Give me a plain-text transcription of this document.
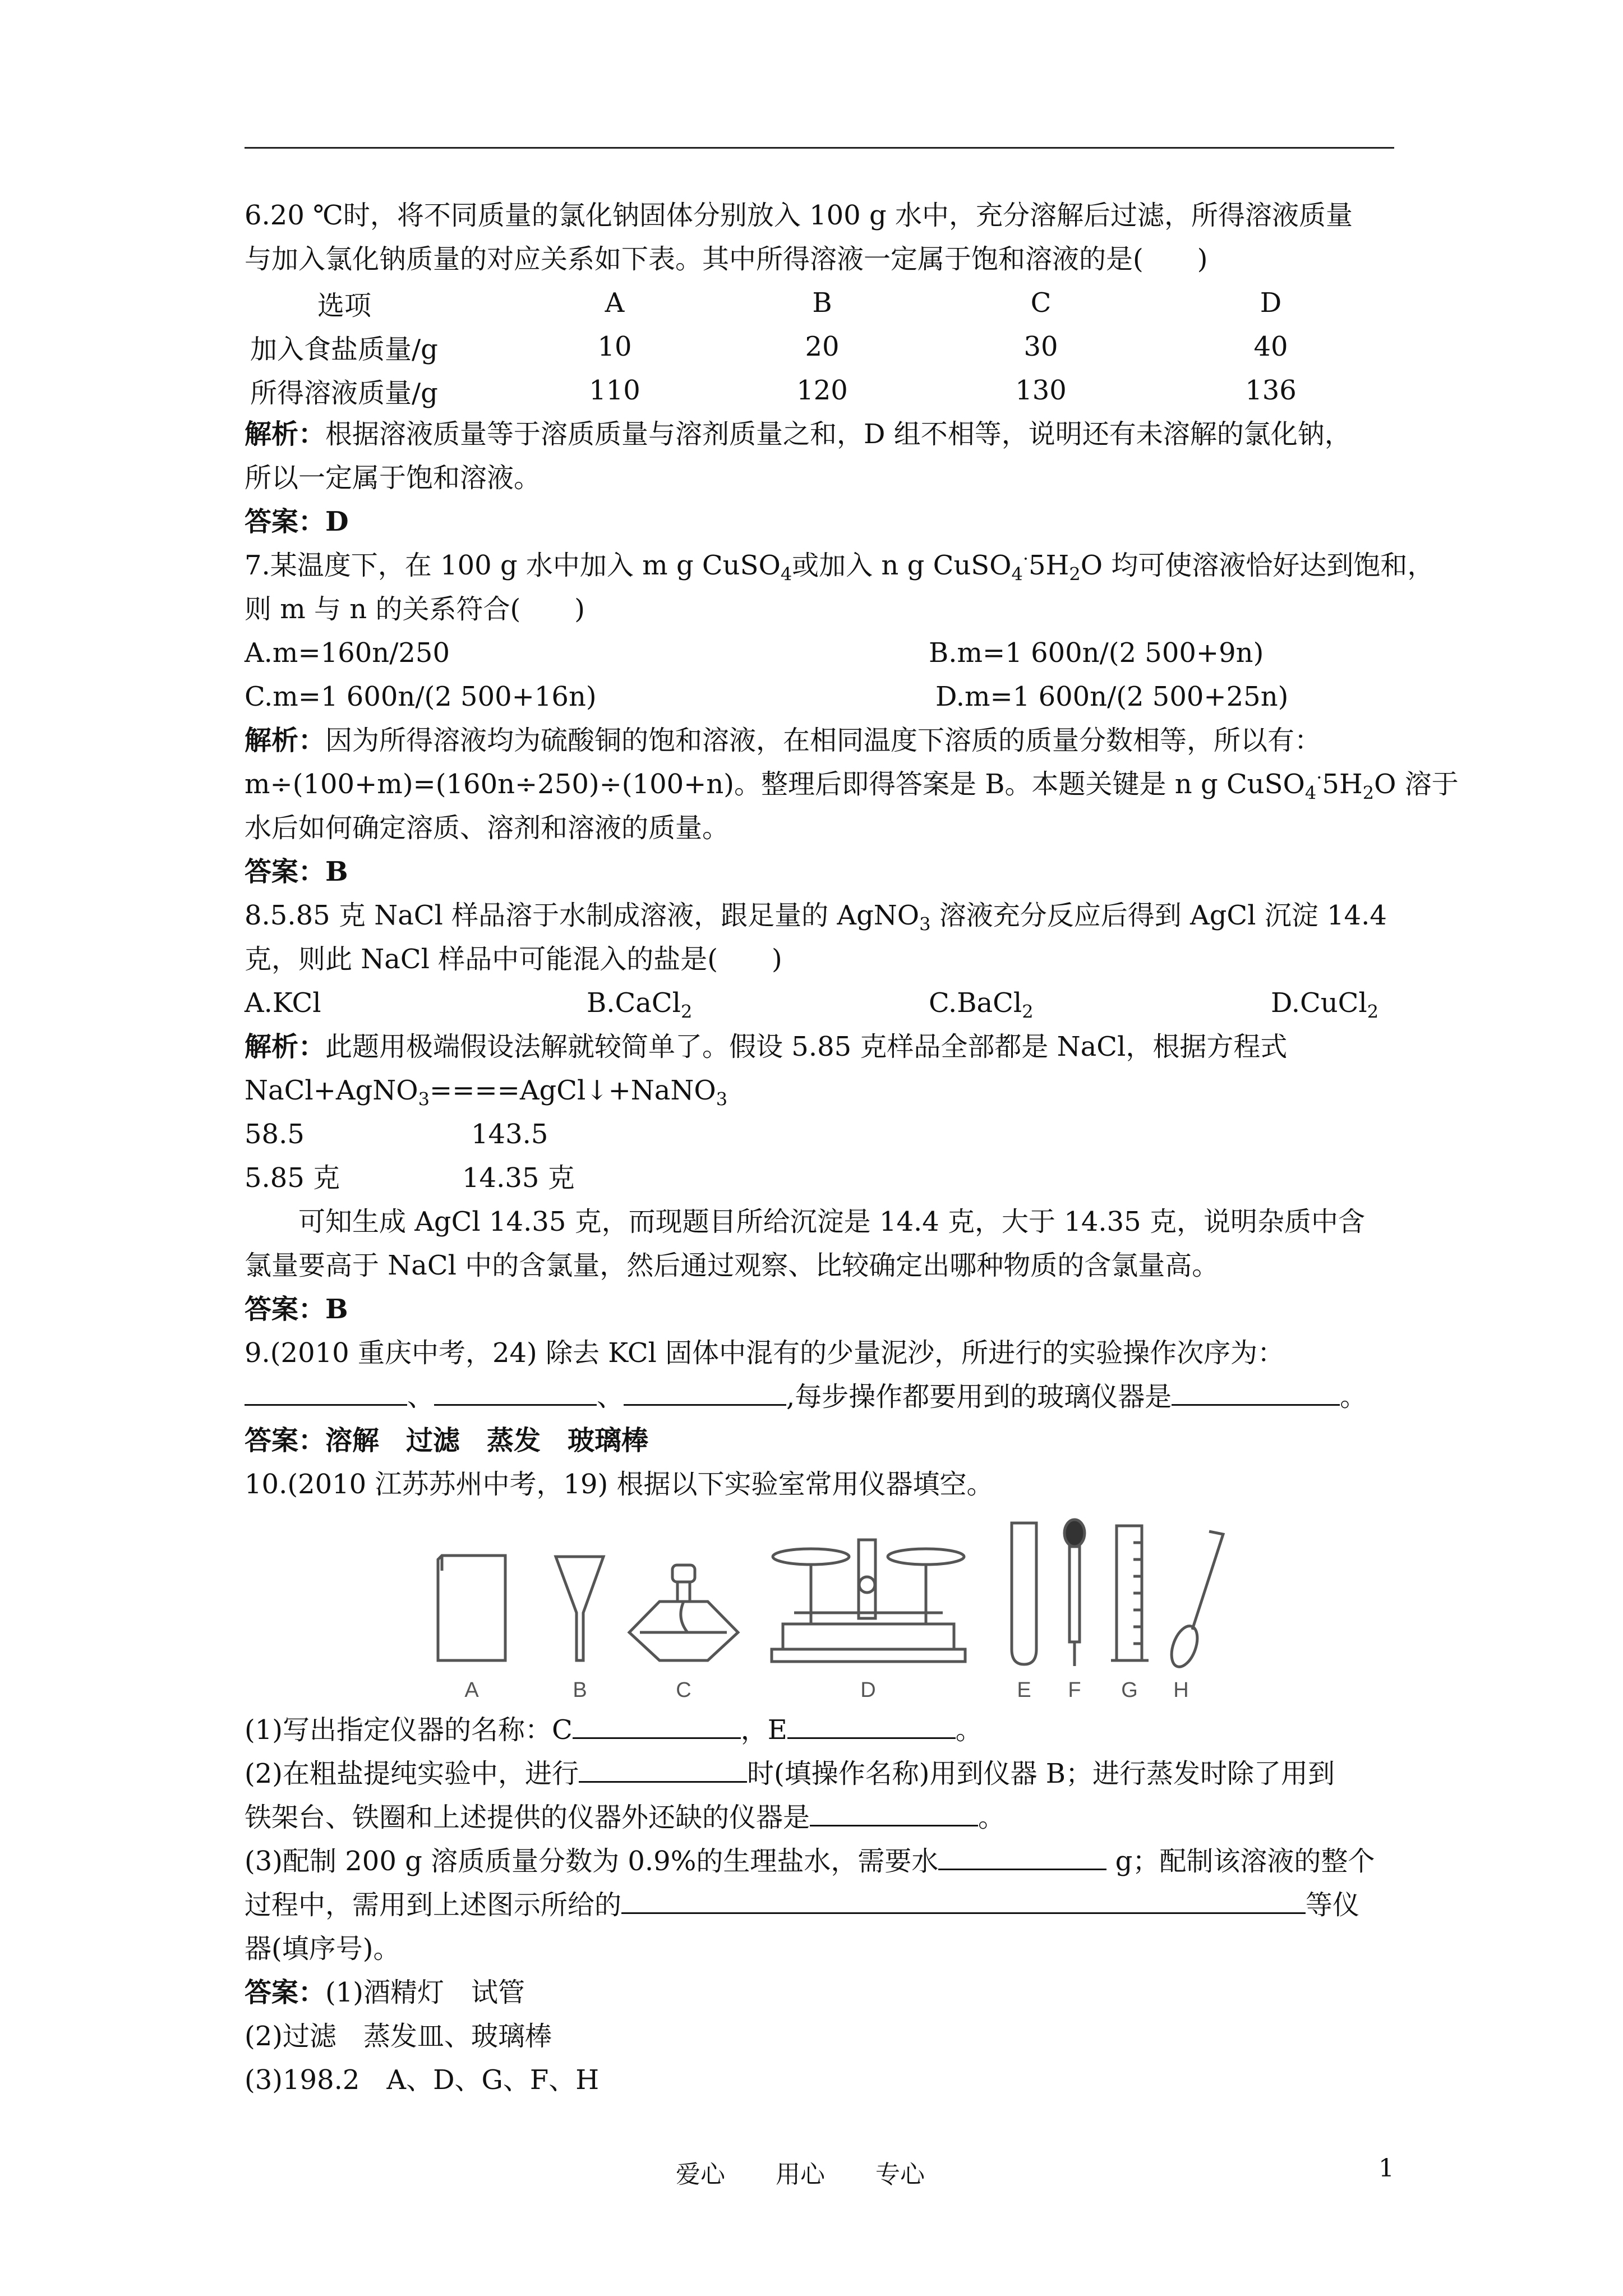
6.20 ℃时，将不同质量的氯化钠固体分别放入 100 g 水中，充分溶解后过滤，所得溶液质量

与加入氯化钠质量的对应关系如下表。其中所得溶液一定属于饱和溶液的是(　　)

选项	A	B	C	D
加入食盐质量/g	10	20	30	40
所得溶液质量/g	110	120	130	136

解析：根据溶液质量等于溶质质量与溶剂质量之和，D 组不相等，说明还有未溶解的氯化钠，

所以一定属于饱和溶液。

答案：D

7.某温度下，在 100 g 水中加入 m g CuSO$_4$或加入 n g $CuSO_4^\cdot 5H_2O$ 均可使溶液恰好达到饱和，

则 m 与 n 的关系符合(　　)

A.m=160n/250	B.m=1 600n/(2 500+9n)

C.m=1 600n/(2 500+16n)	D.m=1 600n/(2 500+25n)

解析：因为所得溶液均为硫酸铜的饱和溶液，在相同温度下溶质的质量分数相等，所以有：

m÷(100+m)=(160n÷250)÷(100+n)。整理后即得答案是 B。本题关键是 n g $CuSO_4^\cdot 5H_2O$ 溶于

水后如何确定溶质、溶剂和溶液的质量。

答案：B

8.5.85 克 NaCl 样品溶于水制成溶液，跟足量的 AgNO$_3$ 溶液充分反应后得到 AgCl 沉淀 14.4

克，则此 NaCl 样品中可能混入的盐是(　　)

A.KCl	B.CaCl$_2$	C.BaCl$_2$	D.CuCl$_2$

解析：此题用极端假设法解就较简单了。假设 5.85 克样品全部都是 NaCl，根据方程式

NaCl+AgNO$_3$====AgCl↓+NaNO$_3$

58.5	143.5

5.85 克	14.35 克

可知生成 AgCl 14.35 克，而现题目所给沉淀是 14.4 克，大于 14.35 克，说明杂质中含

氯量要高于 NaCl 中的含氯量，然后通过观察、比较确定出哪种物质的含氯量高。

答案：B

9.(2010 重庆中考，24) 除去 KCl 固体中混有的少量泥沙，所进行的实验操作次序为：

、	、	,每步操作都要用到的玻璃仪器是	。

答案：溶解　过滤　蒸发　玻璃棒

10.(2010 江苏苏州中考，19) 根据以下实验室常用仪器填空。

A	B	C	D	E F G H

(1)写出指定仪器的名称：C	，E	。

(2)在粗盐提纯实验中，进行	时(填操作名称)用到仪器 B；进行蒸发时除了用到

铁架台、铁圈和上述提供的仪器外还缺的仪器是	。

(3)配制 200 g 溶质质量分数为 0.9%的生理盐水，需要水	g；配制该溶液的整个

过程中，需用到上述图示所给的	等仪

器(填序号)。

答案：(1)酒精灯　试管

(2)过滤　蒸发皿、玻璃棒

(3)198.2　A、D、G、F、H

爱心 用心 专心	1
